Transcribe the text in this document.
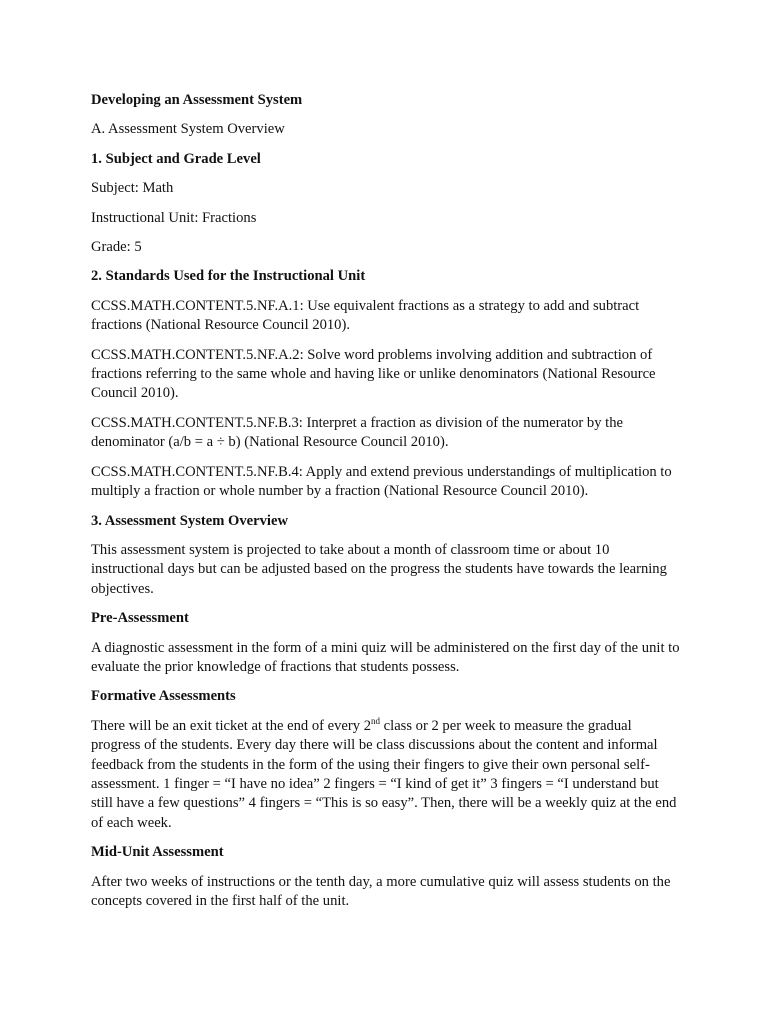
Developing an Assessment System

A. Assessment System Overview

1. Subject and Grade Level

Subject: Math

Instructional Unit: Fractions

Grade: 5

2. Standards Used for the Instructional Unit

CCSS.MATH.CONTENT.5.NF.A.1: Use equivalent fractions as a strategy to add and subtract fractions (National Resource Council 2010).

CCSS.MATH.CONTENT.5.NF.A.2: Solve word problems involving addition and subtraction of fractions referring to the same whole and having like or unlike denominators (National Resource Council 2010).

CCSS.MATH.CONTENT.5.NF.B.3: Interpret a fraction as division of the numerator by the denominator (a/b = a ÷ b) (National Resource Council 2010).

CCSS.MATH.CONTENT.5.NF.B.4: Apply and extend previous understandings of multiplication to multiply a fraction or whole number by a fraction (National Resource Council 2010).

3. Assessment System Overview

This assessment system is projected to take about a month of classroom time or about 10 instructional days but can be adjusted based on the progress the students have towards the learning objectives.

Pre-Assessment

A diagnostic assessment in the form of a mini quiz will be administered on the first day of the unit to evaluate the prior knowledge of fractions that students possess.

Formative Assessments

There will be an exit ticket at the end of every 2nd class or 2 per week to measure the gradual progress of the students. Every day there will be class discussions about the content and informal feedback from the students in the form of the using their fingers to give their own personal self-assessment. 1 finger = “I have no idea” 2 fingers = “I kind of get it” 3 fingers = “I understand but still have a few questions” 4 fingers = “This is so easy”. Then, there will be a weekly quiz at the end of each week.

Mid-Unit Assessment

After two weeks of instructions or the tenth day, a more cumulative quiz will assess students on the concepts covered in the first half of the unit.
